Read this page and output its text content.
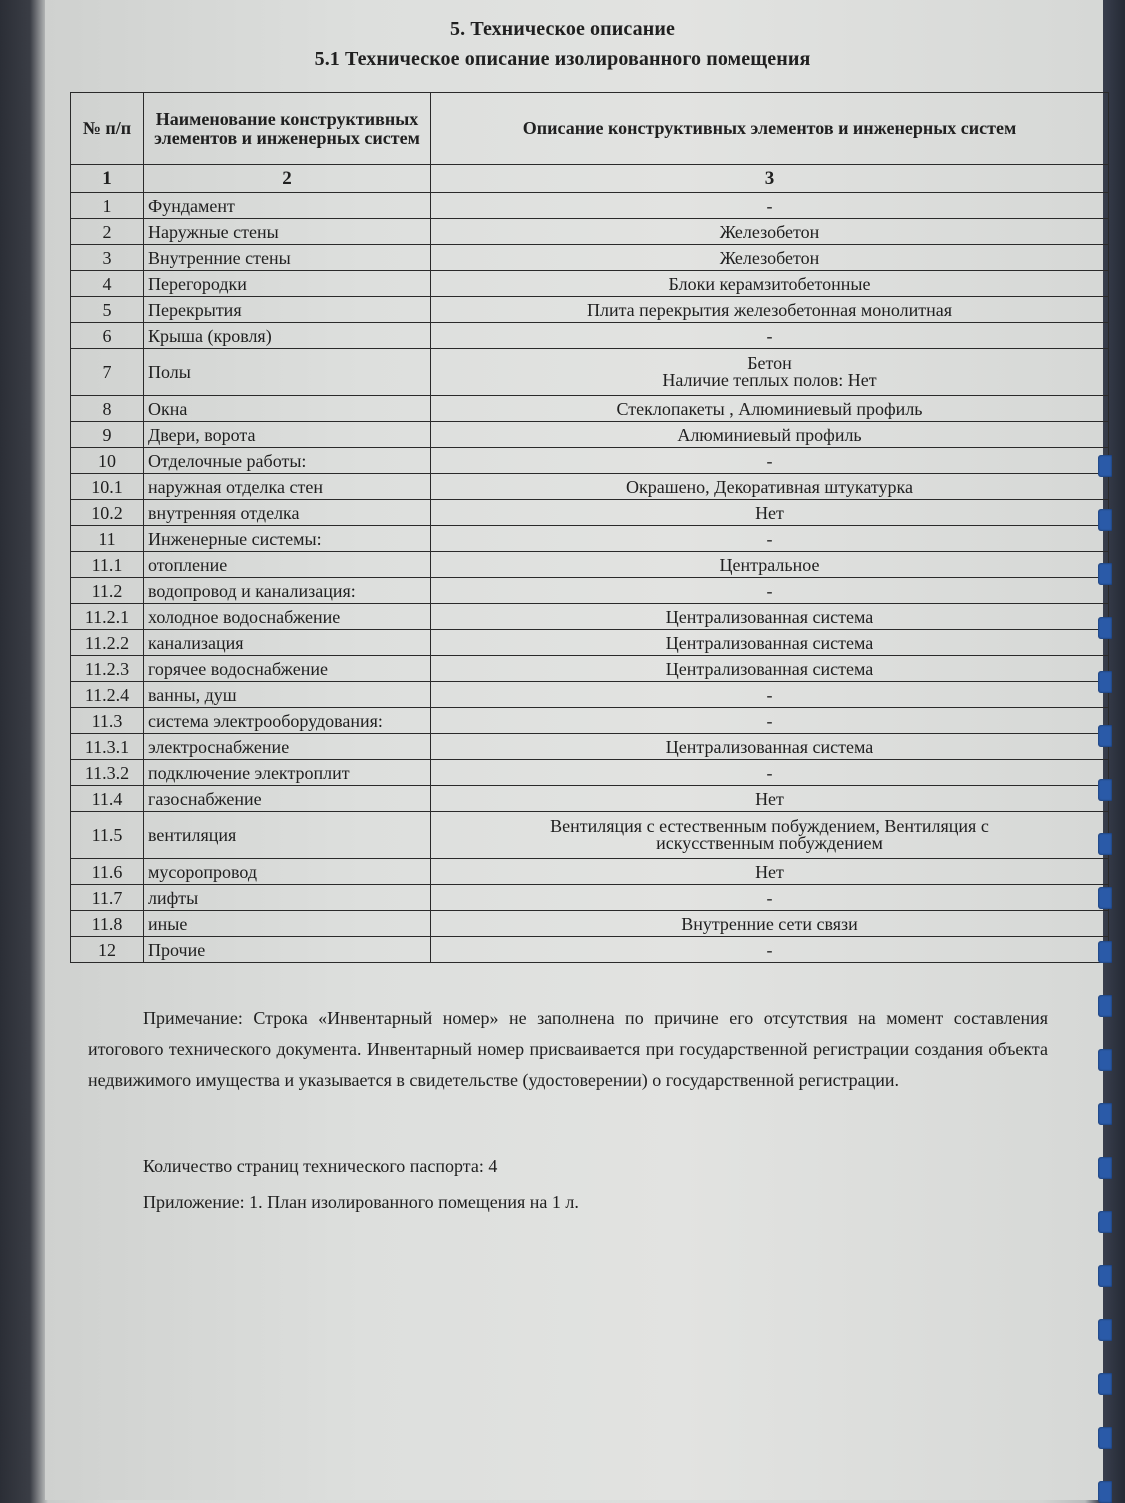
5. Техническое описание
5.1 Техническое описание изолированного помещения
№ п/п	Наименование конструктивных элементов и инженерных систем	Описание конструктивных элементов и инженерных систем
1	2	3
1	Фундамент	-

2	Наружные стены	Железобетон

3	Внутренние стены	Железобетон

4	Перегородки	Блоки керамзитобетонные

5	Перекрытия	Плита перекрытия железобетонная монолитная

6	Крыша (кровля)	-

7	Полы	Бетон
Наличие теплых полов: Нет

8	Окна	Стеклопакеты , Алюминиевый профиль

9	Двери, ворота	Алюминиевый профиль

10	Отделочные работы:	-

10.1	наружная отделка стен	Окрашено, Декоративная штукатурка

10.2	внутренняя отделка	Нет

11	Инженерные системы:	-

11.1	отопление	Центральное

11.2	водопровод и канализация:	-

11.2.1	холодное водоснабжение	Централизованная система

11.2.2	канализация	Централизованная система

11.2.3	горячее водоснабжение	Централизованная система

11.2.4	ванны, душ	-

11.3	система электрооборудования:	-

11.3.1	электроснабжение	Централизованная система

11.3.2	подключение электроплит	-

11.4	газоснабжение	Нет

11.5	вентиляция	Вентиляция с естественным побуждением, Вентиляция с
искусственным побуждением

11.6	мусоропровод	Нет

11.7	лифты	-

11.8	иные	Внутренние сети связи

12	Прочие	-
Примечание: Строка «Инвентарный номер» не заполнена по причине его отсутствия на момент составления итогового технического документа. Инвентарный номер присваивается при государственной регистрации создания объекта недвижимого имущества и указывается в свидетельстве (удостоверении) о государственной регистрации.
Количество страниц технического паспорта: 4
Приложение: 1. План изолированного помещения на 1 л.
